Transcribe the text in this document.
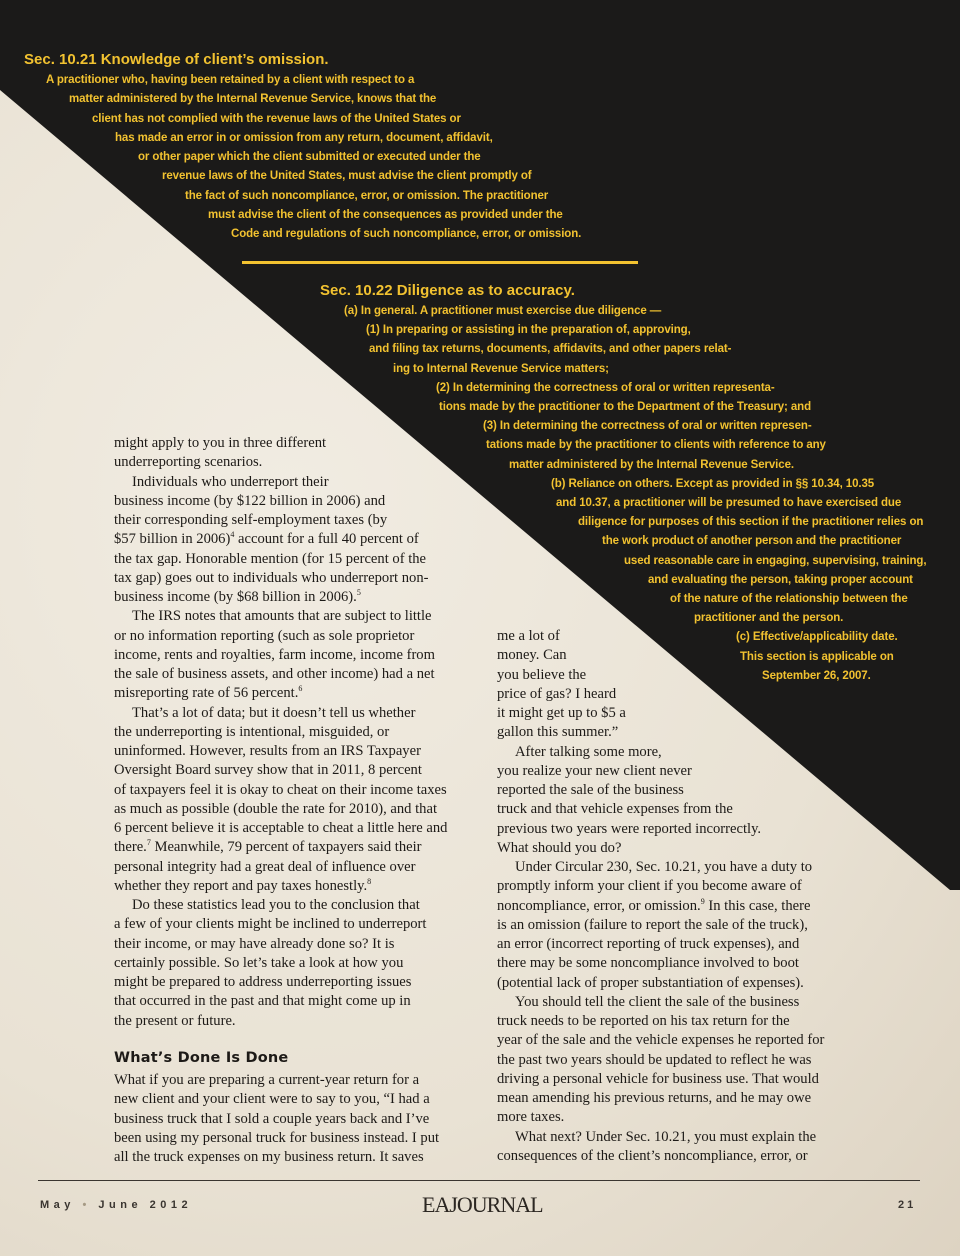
Sec. 10.21 Knowledge of client’s omission.
A practitioner who, having been retained by a client with respect to a
matter administered by the Internal Revenue Service, knows that the
client has not complied with the revenue laws of the United States or
has made an error in or omission from any return, document, affidavit,
or other paper which the client submitted or executed under the
revenue laws of the United States, must advise the client promptly of
the fact of such noncompliance, error, or omission. The practitioner
must advise the client of the consequences as provided under the
Code and regulations of such noncompliance, error, or omission.
Sec. 10.22 Diligence as to accuracy.
(a) In general. A practitioner must exercise due diligence —
(1) In preparing or assisting in the preparation of, approving,
and filing tax returns, documents, affidavits, and other papers relat-
ing to Internal Revenue Service matters;
(2) In determining the correctness of oral or written representa-
tions made by the practitioner to the Department of the Treasury; and
(3) In determining the correctness of oral or written represen-
tations made by the practitioner to clients with reference to any
matter administered by the Internal Revenue Service.
(b) Reliance on others. Except as provided in §§ 10.34, 10.35
and 10.37, a practitioner will be presumed to have exercised due
diligence for purposes of this section if the practitioner relies on
the work product of another person and the practitioner
used reasonable care in engaging, supervising, training,
and evaluating the person, taking proper account
of the nature of the relationship between the
practitioner and the person.
(c) Effective/applicability date.
This section is applicable on
September 26, 2007.
might apply to you in three different
underreporting scenarios.
Individuals who underreport their
business income (by $122 billion in 2006) and
their corresponding self-employment taxes (by
$57 billion in 2006)$^4$ account for a full 40 percent of
the tax gap. Honorable mention (for 15 percent of the
tax gap) goes out to individuals who underreport non-
business income (by $68 billion in 2006).$^5$
The IRS notes that amounts that are subject to little
or no information reporting (such as sole proprietor
income, rents and royalties, farm income, income from
the sale of business assets, and other income) had a net
misreporting rate of 56 percent.$^6$
That’s a lot of data; but it doesn’t tell us whether
the underreporting is intentional, misguided, or
uninformed. However, results from an IRS Taxpayer
Oversight Board survey show that in 2011, 8 percent
of taxpayers feel it is okay to cheat on their income taxes
as much as possible (double the rate for 2010), and that
6 percent believe it is acceptable to cheat a little here and
there.$^7$ Meanwhile, 79 percent of taxpayers said their
personal integrity had a great deal of influence over
whether they report and pay taxes honestly.$^8$
Do these statistics lead you to the conclusion that
a few of your clients might be inclined to underreport
their income, or may have already done so? It is
certainly possible. So let’s take a look at how you
might be prepared to address underreporting issues
that occurred in the past and that might come up in
the present or future.
What’s Done Is Done
What if you are preparing a current-year return for a
new client and your client were to say to you, “I had a
business truck that I sold a couple years back and I’ve
been using my personal truck for business instead. I put
all the truck expenses on my business return. It saves
me a lot of
money. Can
you believe the
price of gas? I heard
it might get up to $5 a
gallon this summer.”
After talking some more,
you realize your new client never
reported the sale of the business
truck and that vehicle expenses from the
previous two years were reported incorrectly.
What should you do?
Under Circular 230, Sec. 10.21, you have a duty to
promptly inform your client if you become aware of
noncompliance, error, or omission.$^9$ In this case, there
is an omission (failure to report the sale of the truck),
an error (incorrect reporting of truck expenses), and
there may be some noncompliance involved to boot
(potential lack of proper substantiation of expenses).
You should tell the client the sale of the business
truck needs to be reported on his tax return for the
year of the sale and the vehicle expenses he reported for
the past two years should be updated to reflect he was
driving a personal vehicle for business use. That would
mean amending his previous returns, and he may owe
more taxes.
What next? Under Sec. 10.21, you must explain the
consequences of the client’s noncompliance, error, or
May • June 2012	EAJOURNAL	21
